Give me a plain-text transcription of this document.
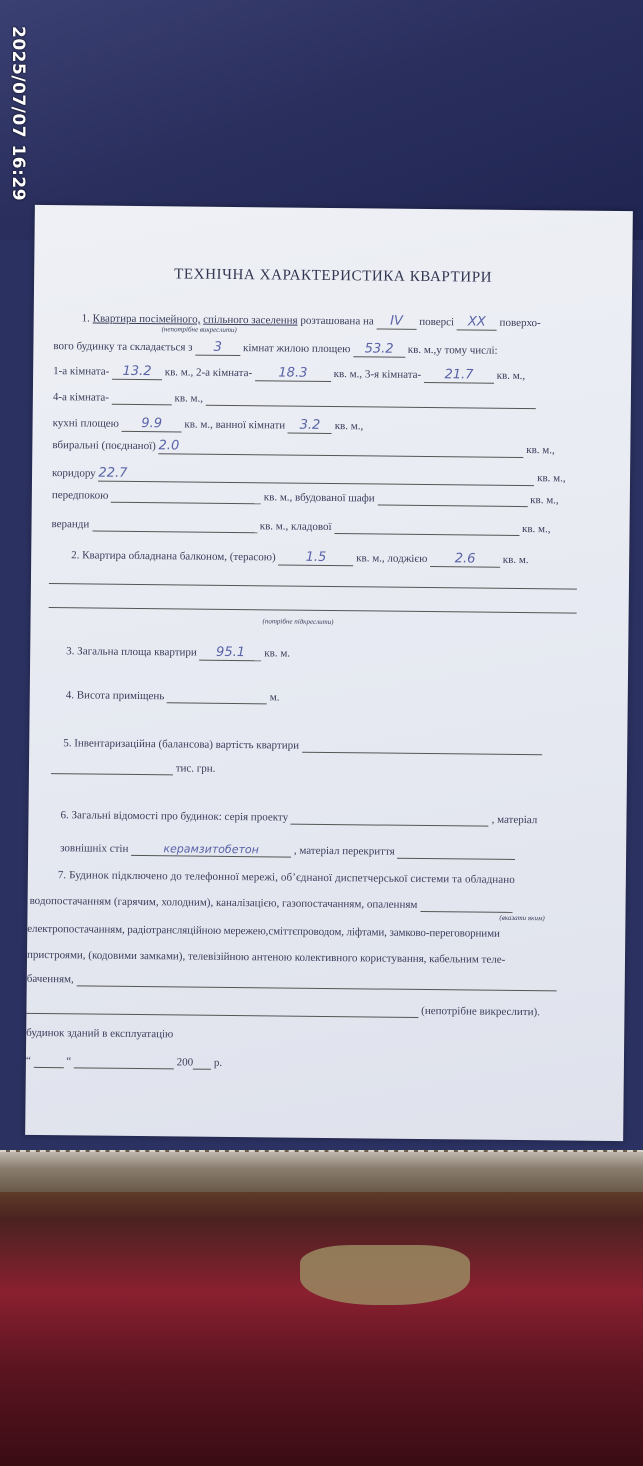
2025/07/07 16:29
ТЕХНІЧНА ХАРАКТЕРИСТИКА КВАРТИРИ
1. Квартира посімейного, спільного заселення розташована на IV поверсі XX поверхо-
(непотрібне викреслити)
вого будинку та складається з 3 кімнат жилою площею 53.2 кв. м.,у тому числі:
1-а кімната- 13.2 кв. м., 2-а кімната- 18.3 кв. м., 3-я кімната- 21.7 кв. м.,
4-а кімната-	кв. м.,
кухні площею 9.9 кв. м., ванної кімнати 3.2 кв. м.,
вбиральні (поєднаної) 2.0	кв. м.,
коридору 22.7	кв. м.,
передпокою	кв. м., вбудованої шафи	кв. м.,
веранди	кв. м., кладової	кв. м.,
2. Квартира обладнана балконом, (терасою) 1.5	кв. м., лоджією 2.6 кв. м.
(потрібне підкреслити)
3. Загальна площа квартири 95.1 кв. м.
4. Висота приміщень	м.
5. Інвентаризаційна (балансова) вартість квартири
тис. грн.
6. Загальні відомості про будинок: серія проекту	, матеріал
зовнішніх стін	керамзитобетон	, матеріал перекриття
7. Будинок підключено до телефонної мережі, об’єднаної диспетчерської системи та обладнано
водопостачанням (гарячим, холодним), каналізацією, газопостачанням, опаленням
(вказати яким)
електропостачанням, радіотрансляційною мережею,сміттєпроводом, ліфтами, замково-переговорними
пристроями, (кодовими замками), телевізійною антеною колективного користування, кабельним теле-
баченням,
(непотрібне викреслити).
будинок зданий в експлуатацію
“	“	200 р.
